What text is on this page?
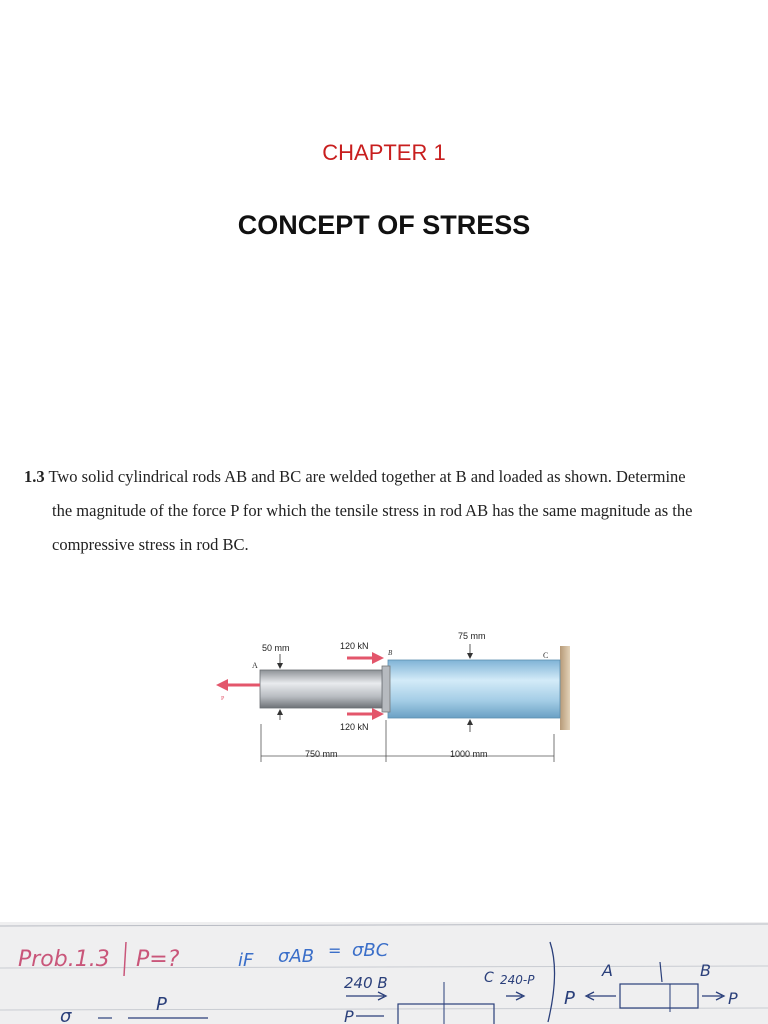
CHAPTER 1
CONCEPT OF STRESS
1.3 Two solid cylindrical rods AB and BC are welded together at B and loaded as shown. Determine
the magnitude of the force P for which the tensile stress in rod AB has the same magnitude as the
compressive stress in rod BC.
P
A
B	C
120 kN
120 kN
50 mm
75 mm
750 mm	1000 mm
Prob.1.3 P=?	iF σAB = σBC
240 B
P
C 240-P	A	B
P	P
σ
P
